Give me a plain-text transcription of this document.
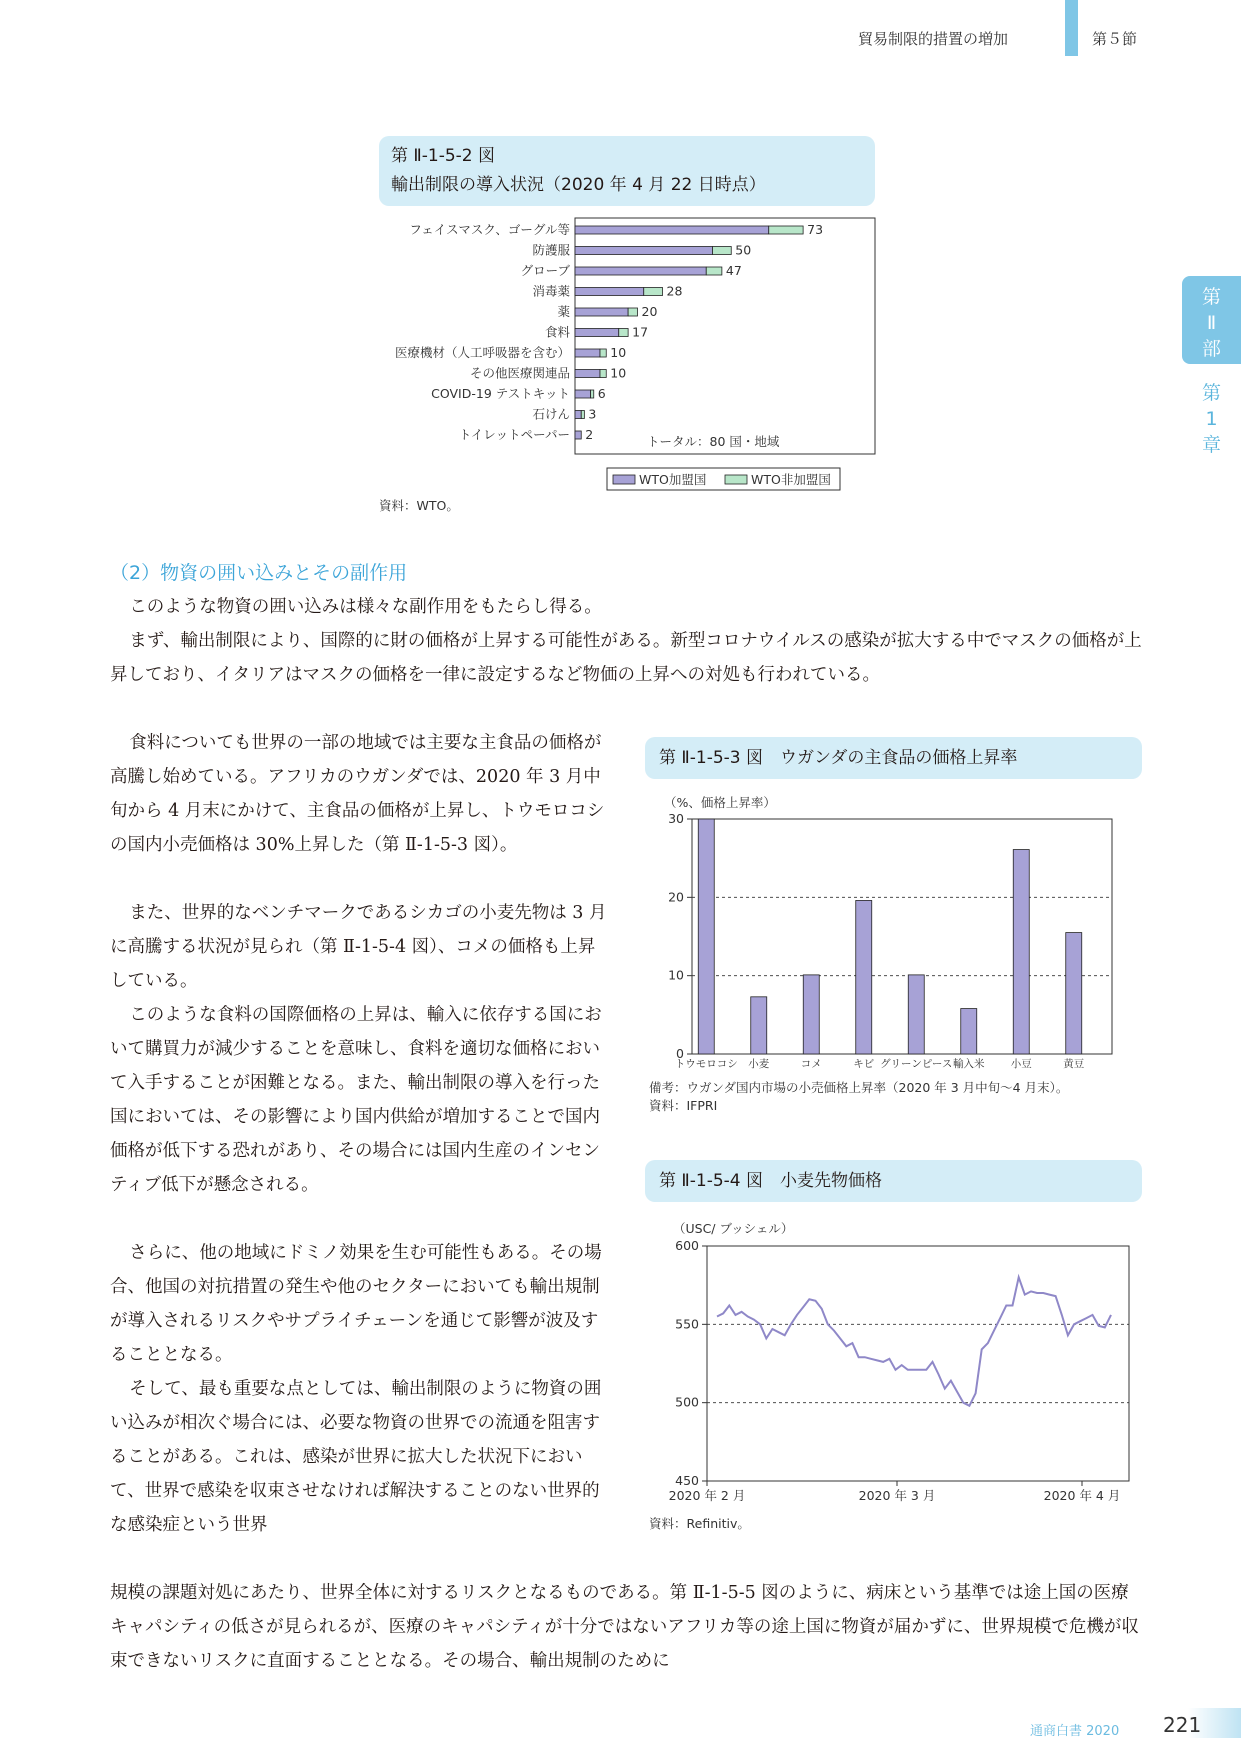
貿易制限的措置の増加	第５節
第
Ⅱ
部
第
1
章
第 Ⅱ-1-5-2 図
輸出制限の導入状況（2020 年 4 月 22 日時点）
フェイスマスク、ゴーグル等	73
防護服	50
グローブ	47
消毒薬	28
薬	20
食料	17
医療機材（人工呼吸器を含む）	10
その他医療関連品	10
COVID-19 テストキット 6
石けん 3
トイレットペーパー 2	トータル：80 国・地域
WTO加盟国	WTO非加盟国
資料：WTO。
（2）物資の囲い込みとその副作用

このような物資の囲い込みは様々な副作用をもたらし得る。

まず、輸出制限により、国際的に財の価格が上昇する可能性がある。新型コロナウイルスの感染が拡大する中でマスクの価格が上昇しており、イタリアはマスクの価格を一律に設定するなど物価の上昇への対処も行われている。

食料についても世界の一部の地域では主要な主食品の価格が高騰し始めている。アフリカのウガンダでは、2020 年 3 月中旬から 4 月末にかけて、主食品の価格が上昇し、トウモロコシの国内小売価格は 30%上昇した（第 Ⅱ-1-5-3 図）。

また、世界的なベンチマークであるシカゴの小麦先物は 3 月に高騰する状況が見られ（第 Ⅱ-1-5-4 図）、コメの価格も上昇している。

このような食料の国際価格の上昇は、輸入に依存する国において購買力が減少することを意味し、食料を適切な価格において入手することが困難となる。また、輸出制限の導入を行った国においては、その影響により国内供給が増加することで国内価格が低下する恐れがあり、その場合には国内生産のインセンティブ低下が懸念される。

さらに、他の地域にドミノ効果を生む可能性もある。その場合、他国の対抗措置の発生や他のセクターにおいても輸出規制が導入されるリスクやサプライチェーンを通じて影響が波及することとなる。

そして、最も重要な点としては、輸出制限のように物資の囲い込みが相次ぐ場合には、必要な物資の世界での流通を阻害することがある。これは、感染が世界に拡大した状況下において、世界で感染を収束させなければ解決することのない世界的な感染症という世界

規模の課題対処にあたり、世界全体に対するリスクとなるものである。第 Ⅱ-1-5-5 図のように、病床という基準では途上国の医療キャパシティの低さが見られるが、医療のキャパシティが十分ではないアフリカ等の途上国に物資が届かずに、世界規模で危機が収束できないリスクに直面することとなる。その場合、輸出規制のために

第 Ⅱ-1-5-3 図　ウガンダの主食品の価格上昇率
（%、価格上昇率）
0
10
20
30
トウモロコシ 小麦	コメ	キビ グリーンピース 輸入米	小豆	黄豆
備考：ウガンダ国内市場の小売価格上昇率（2020 年 3 月中旬〜4 月末）。
資料：IFPRI
第 Ⅱ-1-5-4 図　小麦先物価格
（USC/ ブッシェル）
450
500
550
600
2020 年 2 月	2020 年 3 月	2020 年 4 月
資料：Refinitiv。
通商白書 2020 221
